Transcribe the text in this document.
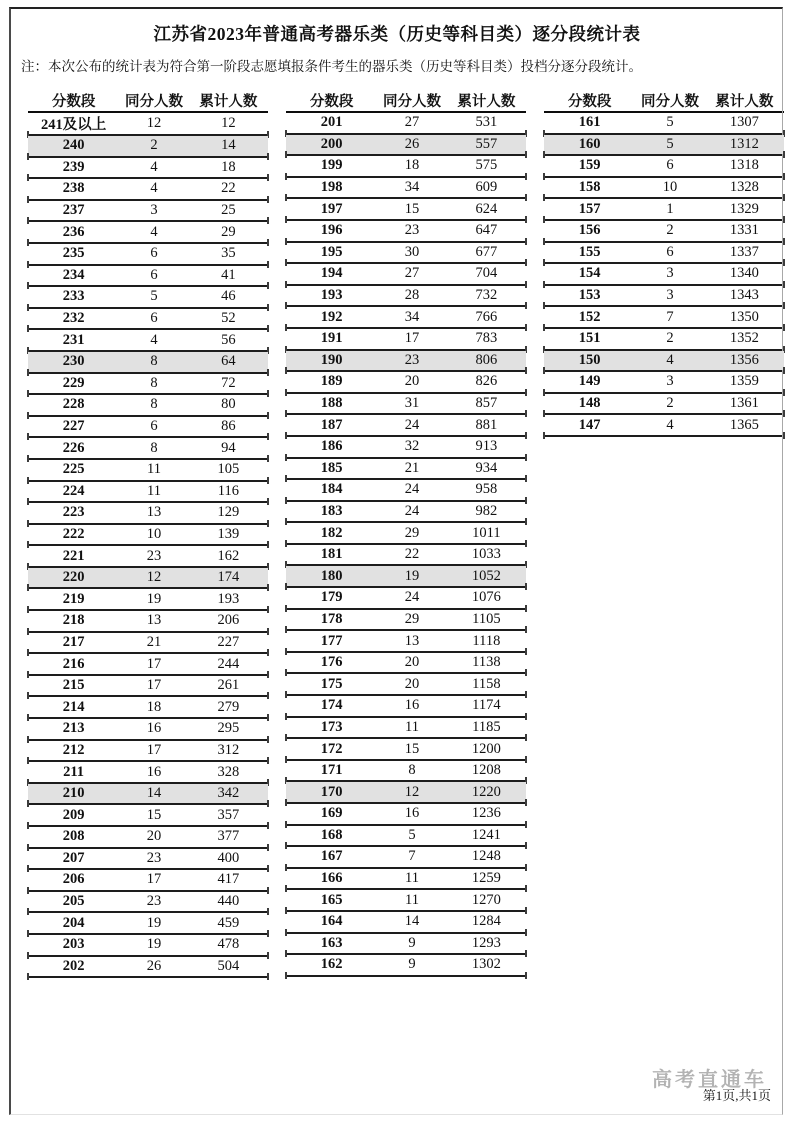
江苏省2023年普通高考器乐类（历史等科目类）逐分段统计表
注：本次公布的统计表为符合第一阶段志愿填报条件考生的器乐类（历史等科目类）投档分逐分段统计。
分数段	同分人数	累计人数
241及以上	12	12
240	2	14
239	4	18
238	4	22
237	3	25
236	4	29
235	6	35
234	6	41
233	5	46
232	6	52
231	4	56
230	8	64
229	8	72
228	8	80
227	6	86
226	8	94
225	11	105
224	11	116
223	13	129
222	10	139
221	23	162
220	12	174
219	19	193
218	13	206
217	21	227
216	17	244
215	17	261
214	18	279
213	16	295
212	17	312
211	16	328
210	14	342
209	15	357
208	20	377
207	23	400
206	17	417
205	23	440
204	19	459
203	19	478
202	26	504
分数段	同分人数	累计人数
201	27	531
200	26	557
199	18	575
198	34	609
197	15	624
196	23	647
195	30	677
194	27	704
193	28	732
192	34	766
191	17	783
190	23	806
189	20	826
188	31	857
187	24	881
186	32	913
185	21	934
184	24	958
183	24	982
182	29	1011
181	22	1033
180	19	1052
179	24	1076
178	29	1105
177	13	1118
176	20	1138
175	20	1158
174	16	1174
173	11	1185
172	15	1200
171	8	1208
170	12	1220
169	16	1236
168	5	1241
167	7	1248
166	11	1259
165	11	1270
164	14	1284
163	9	1293
162	9	1302
分数段	同分人数	累计人数
161	5	1307
160	5	1312
159	6	1318
158	10	1328
157	1	1329
156	2	1331
155	6	1337
154	3	1340
153	3	1343
152	7	1350
151	2	1352
150	4	1356
149	3	1359
148	2	1361
147	4	1365
高考直通车
第1页,共1页
